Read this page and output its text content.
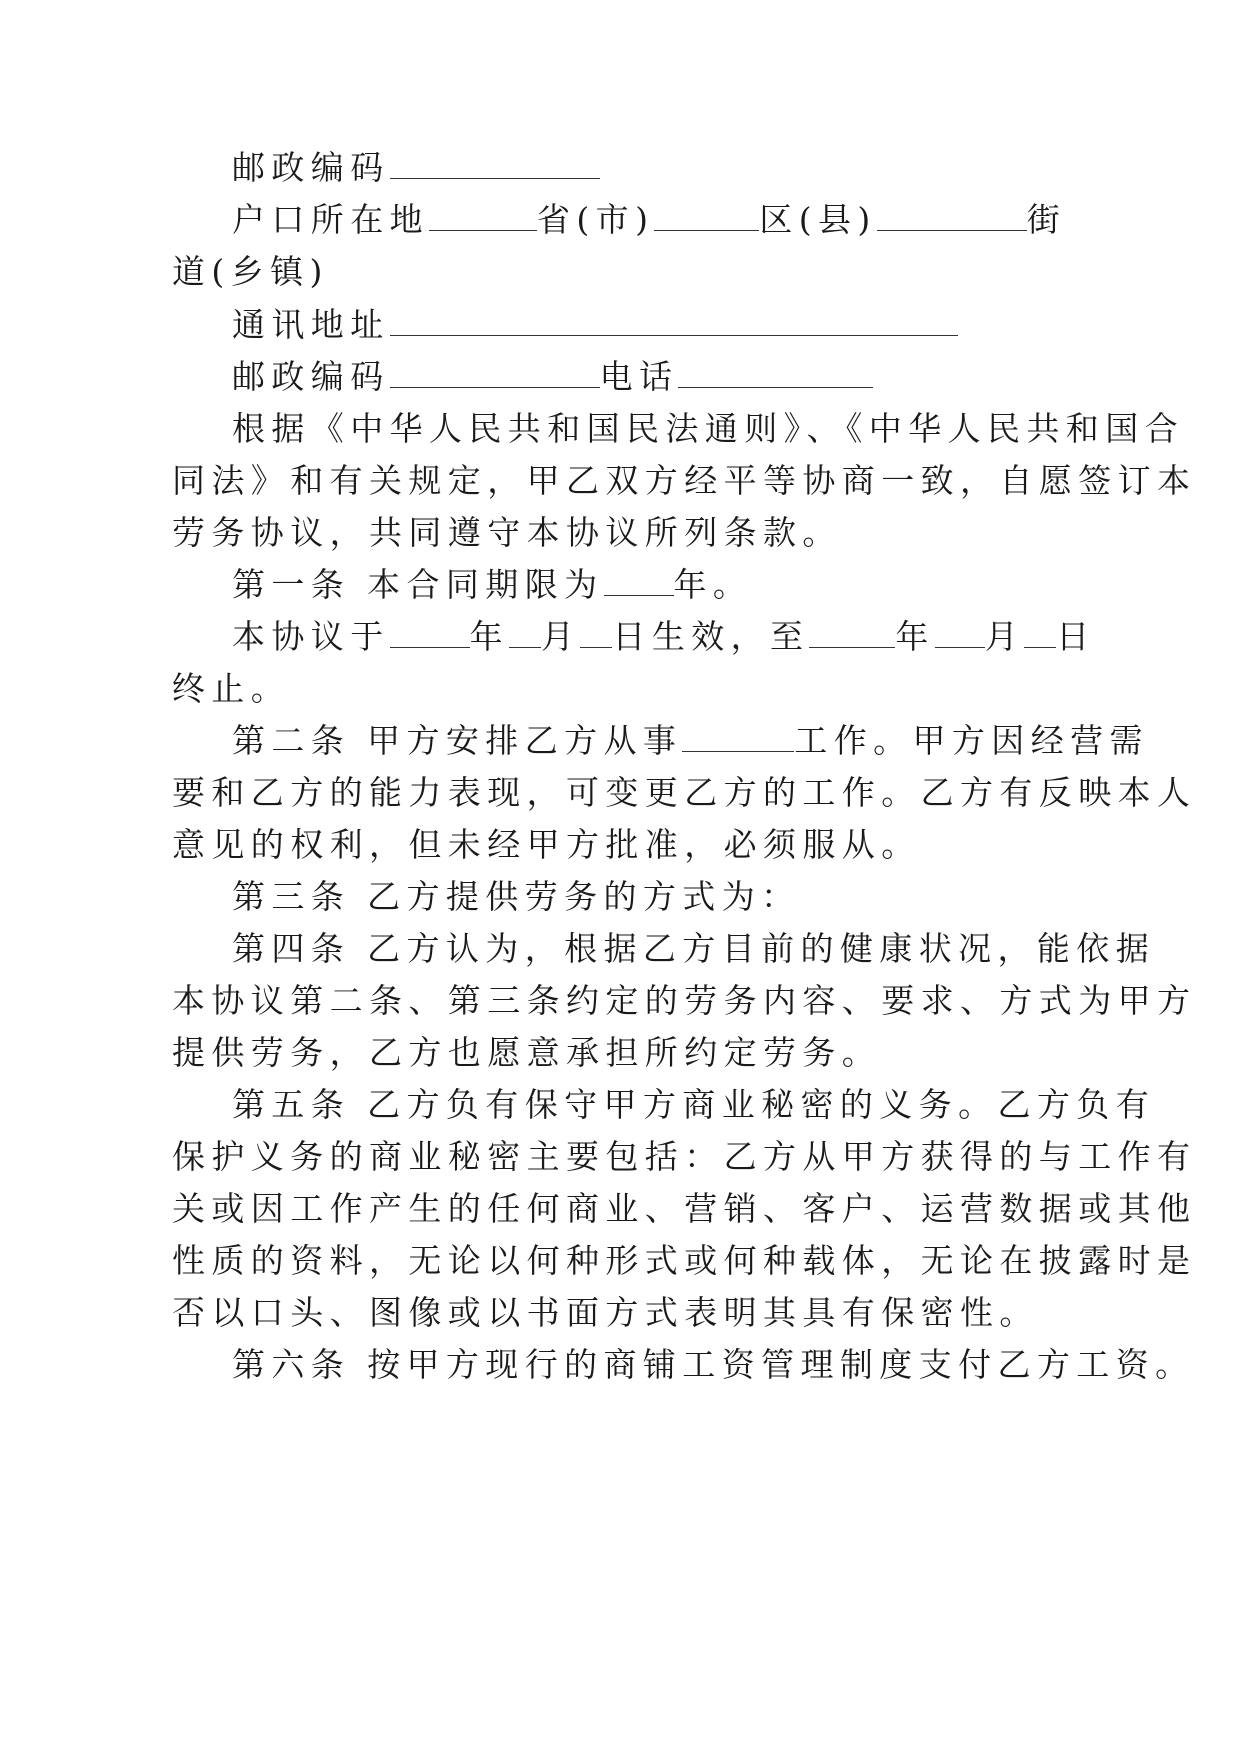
邮政编码

户口所在地	省(市)	区(县)	街

道(乡镇)

通讯地址

邮政编码	电话

根据《中华人民共和国民法通则》、《中华人民共和国合

同法》和有关规定，甲乙双方经平等协商一致，自愿签订本

劳务协议，共同遵守本协议所列条款。

第一条 本合同期限为 年。

本协议于 年 月 日生效，至	年 月 日

终止。

第二条 甲方安排乙方从事	工作。甲方因经营需

要和乙方的能力表现，可变更乙方的工作。乙方有反映本人

意见的权利，但未经甲方批准，必须服从。

第三条 乙方提供劳务的方式为：

第四条 乙方认为，根据乙方目前的健康状况，能依据

本协议第二条、第三条约定的劳务内容、要求、方式为甲方

提供劳务，乙方也愿意承担所约定劳务。

第五条 乙方负有保守甲方商业秘密的义务。乙方负有

保护义务的商业秘密主要包括：乙方从甲方获得的与工作有

关或因工作产生的任何商业、营销、客户、运营数据或其他

性质的资料，无论以何种形式或何种载体，无论在披露时是

否以口头、图像或以书面方式表明其具有保密性。

第六条 按甲方现行的商铺工资管理制度支付乙方工资。
